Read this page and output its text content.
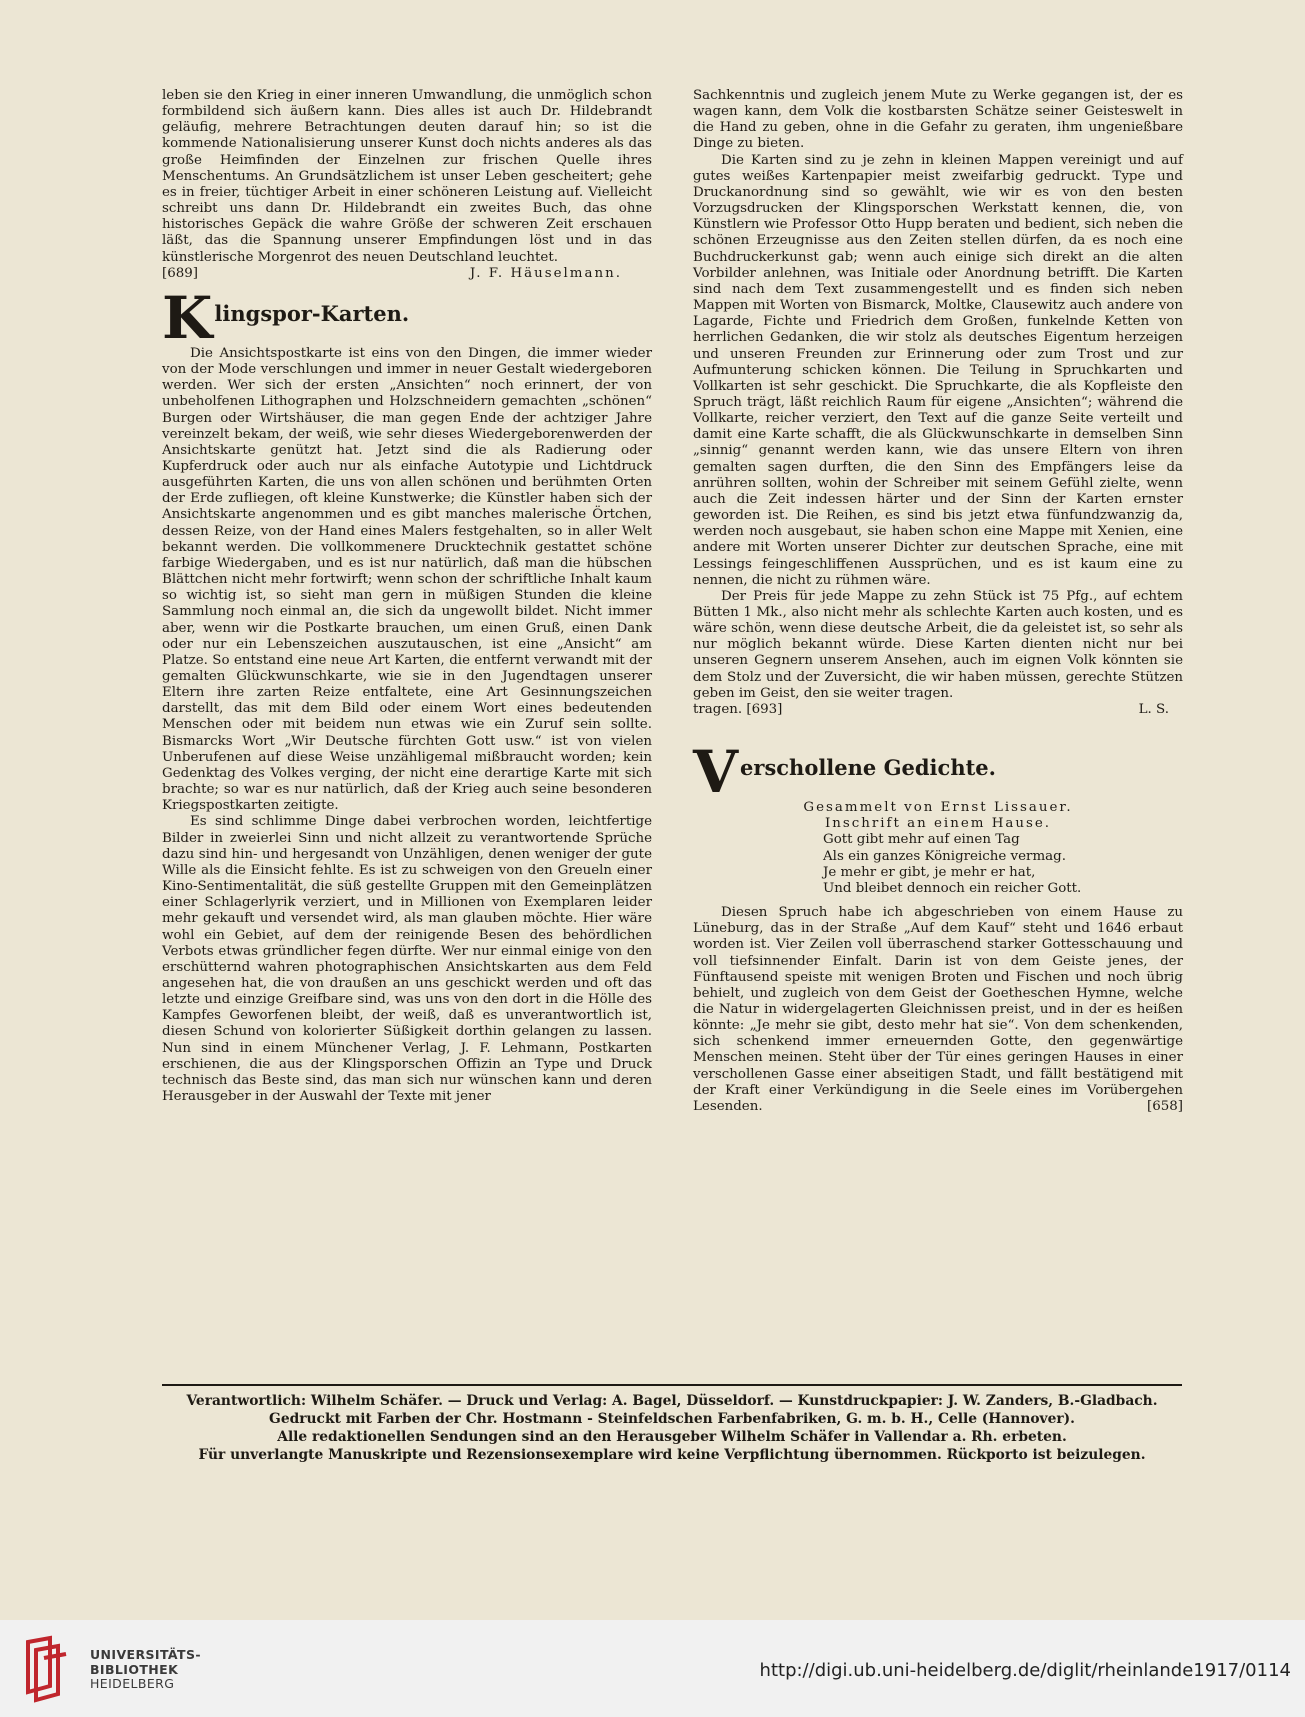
leben sie den Krieg in einer inneren Umwandlung, die unmöglich schon formbildend sich äußern kann. Dies alles ist auch Dr. Hildebrandt geläufig, mehrere Betrachtungen deuten darauf hin; so ist die kommende Nationalisierung unserer Kunst doch nichts anderes als das große Heimfinden der Einzelnen zur frischen Quelle ihres Menschentums. An Grundsätzlichem ist unser Leben gescheitert; gehe es in freier, tüchtiger Arbeit in einer schöneren Leistung auf. Vielleicht schreibt uns dann Dr. Hildebrandt ein zweites Buch, das ohne historisches Gepäck die wahre Größe der schweren Zeit erschauen läßt, das die Spannung unserer Empfindungen löst und in das künstlerische Morgenrot des neuen Deutschland leuchtet.

[689]	J. F. Häuselmann.
K lingspor-Karten.

Die Ansichtspostkarte ist eins von den Dingen, die immer wieder von der Mode verschlungen und immer in neuer Gestalt wiedergeboren werden. Wer sich der ersten „Ansichten“ noch erinnert, der von unbeholfenen Lithographen und Holzschneidern gemachten „schönen“ Burgen oder Wirtshäuser, die man gegen Ende der achtziger Jahre vereinzelt bekam, der weiß, wie sehr dieses Wiedergeborenwerden der Ansichtskarte genützt hat. Jetzt sind die als Radierung oder Kupferdruck oder auch nur als einfache Autotypie und Lichtdruck ausgeführten Karten, die uns von allen schönen und berühmten Orten der Erde zufliegen, oft kleine Kunstwerke; die Künstler haben sich der Ansichtskarte angenommen und es gibt manches malerische Örtchen, dessen Reize, von der Hand eines Malers festgehalten, so in aller Welt bekannt werden. Die vollkommenere Drucktechnik gestattet schöne farbige Wiedergaben, und es ist nur natürlich, daß man die hübschen Blättchen nicht mehr fortwirft; wenn schon der schriftliche Inhalt kaum so wichtig ist, so sieht man gern in müßigen Stunden die kleine Sammlung noch einmal an, die sich da ungewollt bildet. Nicht immer aber, wenn wir die Postkarte brauchen, um einen Gruß, einen Dank oder nur ein Lebenszeichen auszutauschen, ist eine „Ansicht“ am Platze. So entstand eine neue Art Karten, die entfernt verwandt mit der gemalten Glückwunschkarte, wie sie in den Jugendtagen unserer Eltern ihre zarten Reize entfaltete, eine Art Gesinnungszeichen darstellt, das mit dem Bild oder einem Wort eines bedeutenden Menschen oder mit beidem nun etwas wie ein Zuruf sein sollte. Bismarcks Wort „Wir Deutsche fürchten Gott usw.“ ist von vielen Unberufenen auf diese Weise unzähligemal mißbraucht worden; kein Gedenktag des Volkes verging, der nicht eine derartige Karte mit sich brachte; so war es nur natürlich, daß der Krieg auch seine besonderen Kriegspostkarten zeitigte.

Es sind schlimme Dinge dabei verbrochen worden, leichtfertige Bilder in zweierlei Sinn und nicht allzeit zu verantwortende Sprüche dazu sind hin- und hergesandt von Unzähligen, denen weniger der gute Wille als die Einsicht fehlte. Es ist zu schweigen von den Greueln einer Kino-Sentimentalität, die süß gestellte Gruppen mit den Gemeinplätzen einer Schlagerlyrik verziert, und in Millionen von Exemplaren leider mehr gekauft und versendet wird, als man glauben möchte. Hier wäre wohl ein Gebiet, auf dem der reinigende Besen des behördlichen Verbots etwas gründlicher fegen dürfte. Wer nur einmal einige von den erschütternd wahren photographischen Ansichtskarten aus dem Feld angesehen hat, die von draußen an uns geschickt werden und oft das letzte und einzige Greifbare sind, was uns von den dort in die Hölle des Kampfes Geworfenen bleibt, der weiß, daß es unverantwortlich ist, diesen Schund von kolorierter Süßigkeit dorthin gelangen zu lassen. Nun sind in einem Münchener Verlag, J. F. Lehmann, Postkarten erschienen, die aus der Klingsporschen Offizin an Type und Druck technisch das Beste sind, das man sich nur wünschen kann und deren Herausgeber in der Auswahl der Texte mit jener

Sachkenntnis und zugleich jenem Mute zu Werke gegangen ist, der es wagen kann, dem Volk die kostbarsten Schätze seiner Geisteswelt in die Hand zu geben, ohne in die Gefahr zu geraten, ihm ungenießbare Dinge zu bieten.

Die Karten sind zu je zehn in kleinen Mappen vereinigt und auf gutes weißes Kartenpapier meist zweifarbig gedruckt. Type und Druckanordnung sind so gewählt, wie wir es von den besten Vorzugsdrucken der Klingsporschen Werkstatt kennen, die, von Künstlern wie Professor Otto Hupp beraten und bedient, sich neben die schönen Erzeugnisse aus den Zeiten stellen dürfen, da es noch eine Buchdruckerkunst gab; wenn auch einige sich direkt an die alten Vorbilder anlehnen, was Initiale oder Anordnung betrifft. Die Karten sind nach dem Text zusammengestellt und es finden sich neben Mappen mit Worten von Bismarck, Moltke, Clausewitz auch andere von Lagarde, Fichte und Friedrich dem Großen, funkelnde Ketten von herrlichen Gedanken, die wir stolz als deutsches Eigentum herzeigen und unseren Freunden zur Erinnerung oder zum Trost und zur Aufmunterung schicken können. Die Teilung in Spruchkarten und Vollkarten ist sehr geschickt. Die Spruchkarte, die als Kopfleiste den Spruch trägt, läßt reichlich Raum für eigene „Ansichten“; während die Vollkarte, reicher verziert, den Text auf die ganze Seite verteilt und damit eine Karte schafft, die als Glückwunschkarte in demselben Sinn „sinnig“ genannt werden kann, wie das unsere Eltern von ihren gemalten sagen durften, die den Sinn des Empfängers leise da anrühren sollten, wohin der Schreiber mit seinem Gefühl zielte, wenn auch die Zeit indessen härter und der Sinn der Karten ernster geworden ist. Die Reihen, es sind bis jetzt etwa fünfundzwanzig da, werden noch ausgebaut, sie haben schon eine Mappe mit Xenien, eine andere mit Worten unserer Dichter zur deutschen Sprache, eine mit Lessings feingeschliffenen Aussprüchen, und es ist kaum eine zu nennen, die nicht zu rühmen wäre.

Der Preis für jede Mappe zu zehn Stück ist 75 Pfg., auf echtem Bütten 1 Mk., also nicht mehr als schlechte Karten auch kosten, und es wäre schön, wenn diese deutsche Arbeit, die da geleistet ist, so sehr als nur möglich bekannt würde. Diese Karten dienten nicht nur bei unseren Gegnern unserem Ansehen, auch im eignen Volk könnten sie dem Stolz und der Zuversicht, die wir haben müssen, gerechte Stützen geben im Geist, den sie weiter tragen.

tragen. [693]	L. S.
V erschollene Gedichte.

Gesammelt von Ernst Lissauer.

Inschrift an einem Hause.

Gott gibt mehr auf einen Tag
Als ein ganzes Königreiche vermag.
Je mehr er gibt, je mehr er hat,
Und bleibet dennoch ein reicher Gott.

Diesen Spruch habe ich abgeschrieben von einem Hause zu Lüneburg, das in der Straße „Auf dem Kauf“ steht und 1646 erbaut worden ist. Vier Zeilen voll überraschend starker Gottesschauung und voll tiefsinnender Einfalt. Darin ist von dem Geiste jenes, der Fünftausend speiste mit wenigen Broten und Fischen und noch übrig behielt, und zugleich von dem Geist der Goetheschen Hymne, welche die Natur in widergelagerten Gleichnissen preist, und in der es heißen könnte: „Je mehr sie gibt, desto mehr hat sie“. Von dem schenkenden, sich schenkend immer erneuernden Gotte, den gegenwärtige Menschen meinen. Steht über der Tür eines geringen Hauses in einer verschollenen Gasse einer abseitigen Stadt, und fällt bestätigend mit der Kraft einer Verkündigung in die Seele eines im Vorübergehen Lesenden.	[658]

Verantwortlich: Wilhelm Schäfer. — Druck und Verlag: A. Bagel, Düsseldorf. — Kunstdruckpapier: J. W. Zanders, B.-Gladbach.
Gedruckt mit Farben der Chr. Hostmann - Steinfeldschen Farbenfabriken, G. m. b. H., Celle (Hannover).
Alle redaktionellen Sendungen sind an den Herausgeber Wilhelm Schäfer in Vallendar a. Rh. erbeten.
Für unverlangte Manuskripte und Rezensionsexemplare wird keine Verpflichtung übernommen. Rückporto ist beizulegen.
UNIVERSITÄTS-
BIBLIOTHEK
HEIDELBERG
http://digi.ub.uni-heidelberg.de/diglit/rheinlande1917/0114
